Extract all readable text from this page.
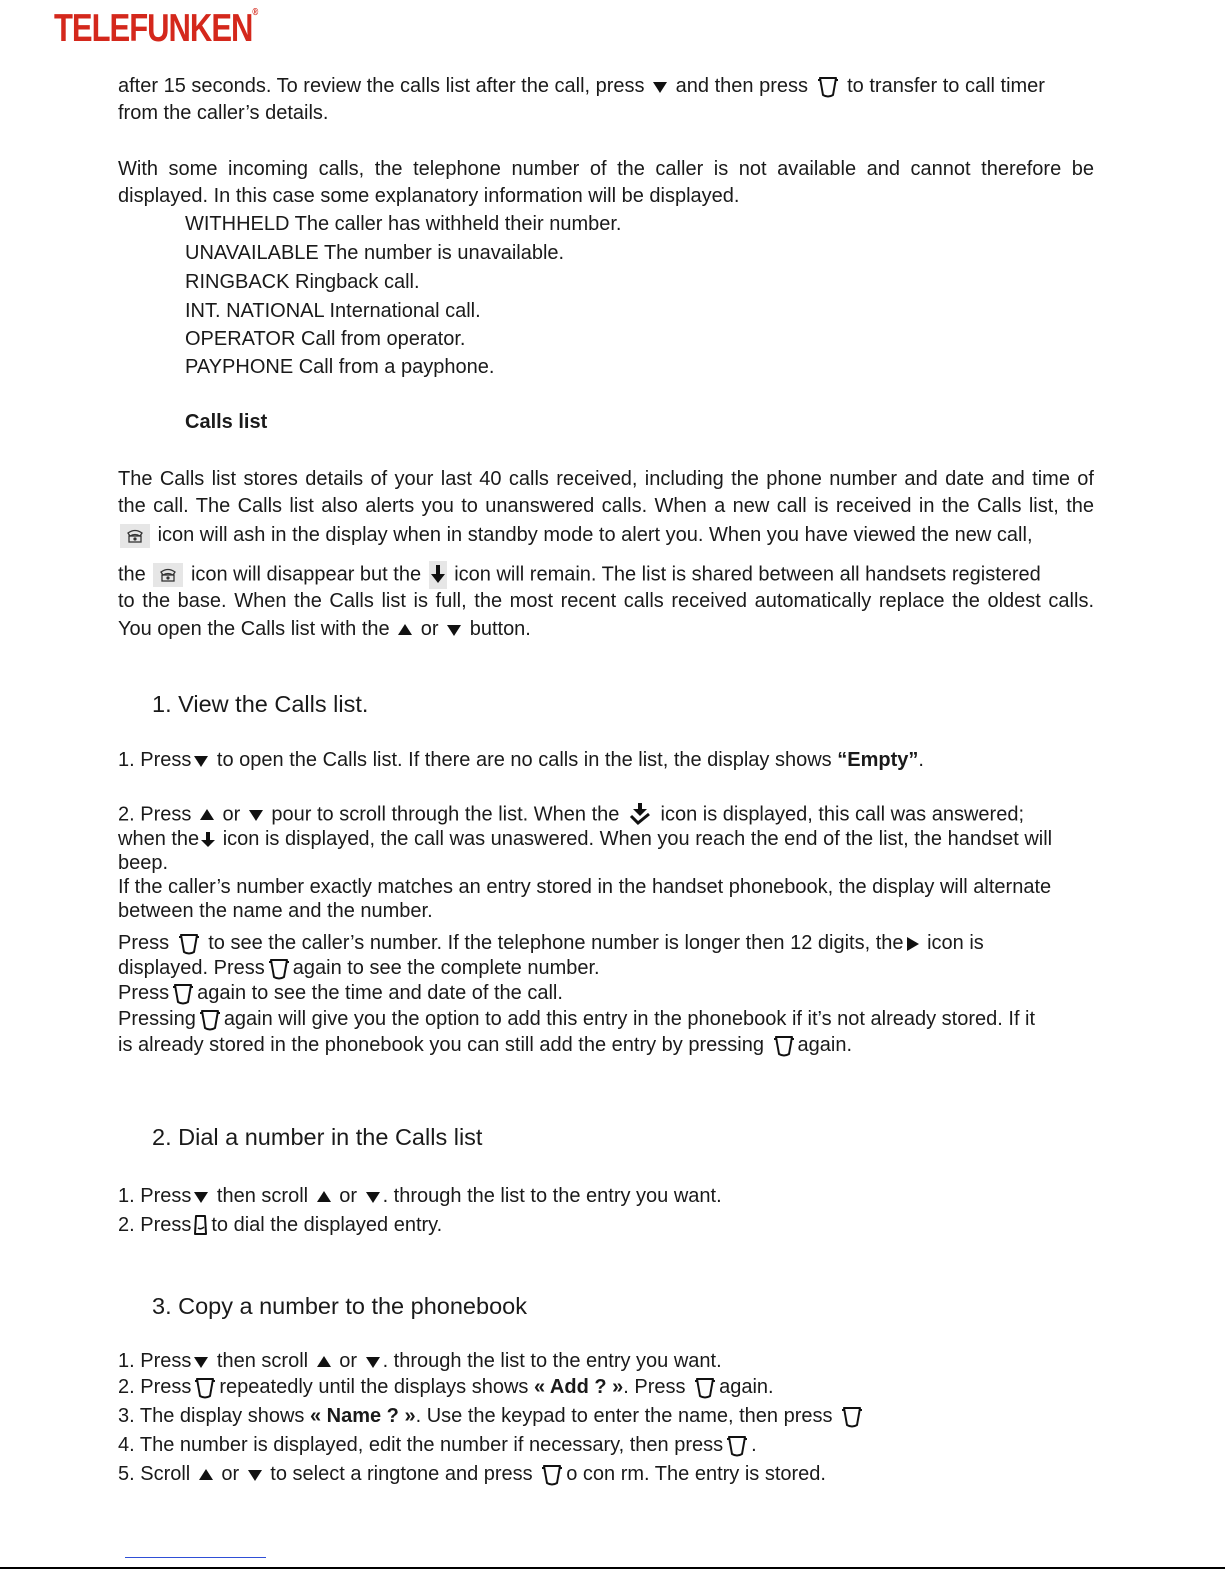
TELEFUNKEN®
after 15 seconds. To review the calls list after the call, press and then press to transfer to call timer
from the caller’s details.
With some incoming calls, the telephone number of the caller is not available and cannot therefore be
displayed. In this case some explanatory information will be displayed.
WITHHELD The caller has withheld their number.
UNAVAILABLE The number is unavailable.
RINGBACK Ringback call.
INT. NATIONAL International call.
OPERATOR Call from operator.
PAYPHONE Call from a payphone.
Calls list
The Calls list stores details of your last 40 calls received, including the phone number and date and time of
the call. The Calls list also alerts you to unanswered calls. When a new call is received in the Calls list, the
icon will ash in the display when in standby mode to alert you. When you have viewed the new call,
the icon will disappear but the icon will remain. The list is shared between all handsets registered
to the base. When the Calls list is full, the most recent calls received automatically replace the oldest calls.
You open the Calls list with the or button.
1. View the Calls list.
1. Press to open the Calls list. If there are no calls in the list, the display shows “Empty”.
2. Press or pour to scroll through the list. When the icon is displayed, this call was answered;
when the icon is displayed, the call was unaswered. When you reach the end of the list, the handset will
beep.
If the caller’s number exactly matches an entry stored in the handset phonebook, the display will alternate
between the name and the number.
Press to see the caller’s number. If the telephone number is longer then 12 digits, the icon is
displayed. Press again to see the complete number.
Press again to see the time and date of the call.
Pressing again will give you the option to add this entry in the phonebook if it’s not already stored. If it
is already stored in the phonebook you can still add the entry by pressing again.
2. Dial a number in the Calls list
1. Press then scroll or . through the list to the entry you want.
2. Press to dial the displayed entry.
3. Copy a number to the phonebook
1. Press then scroll or . through the list to the entry you want.
2. Press repeatedly until the displays shows « Add ? ». Press again.
3. The display shows « Name ? ». Use the keypad to enter the name, then press
4. The number is displayed, edit the number if necessary, then press .
5. Scroll or to select a ringtone and press o con rm. The entry is stored.
